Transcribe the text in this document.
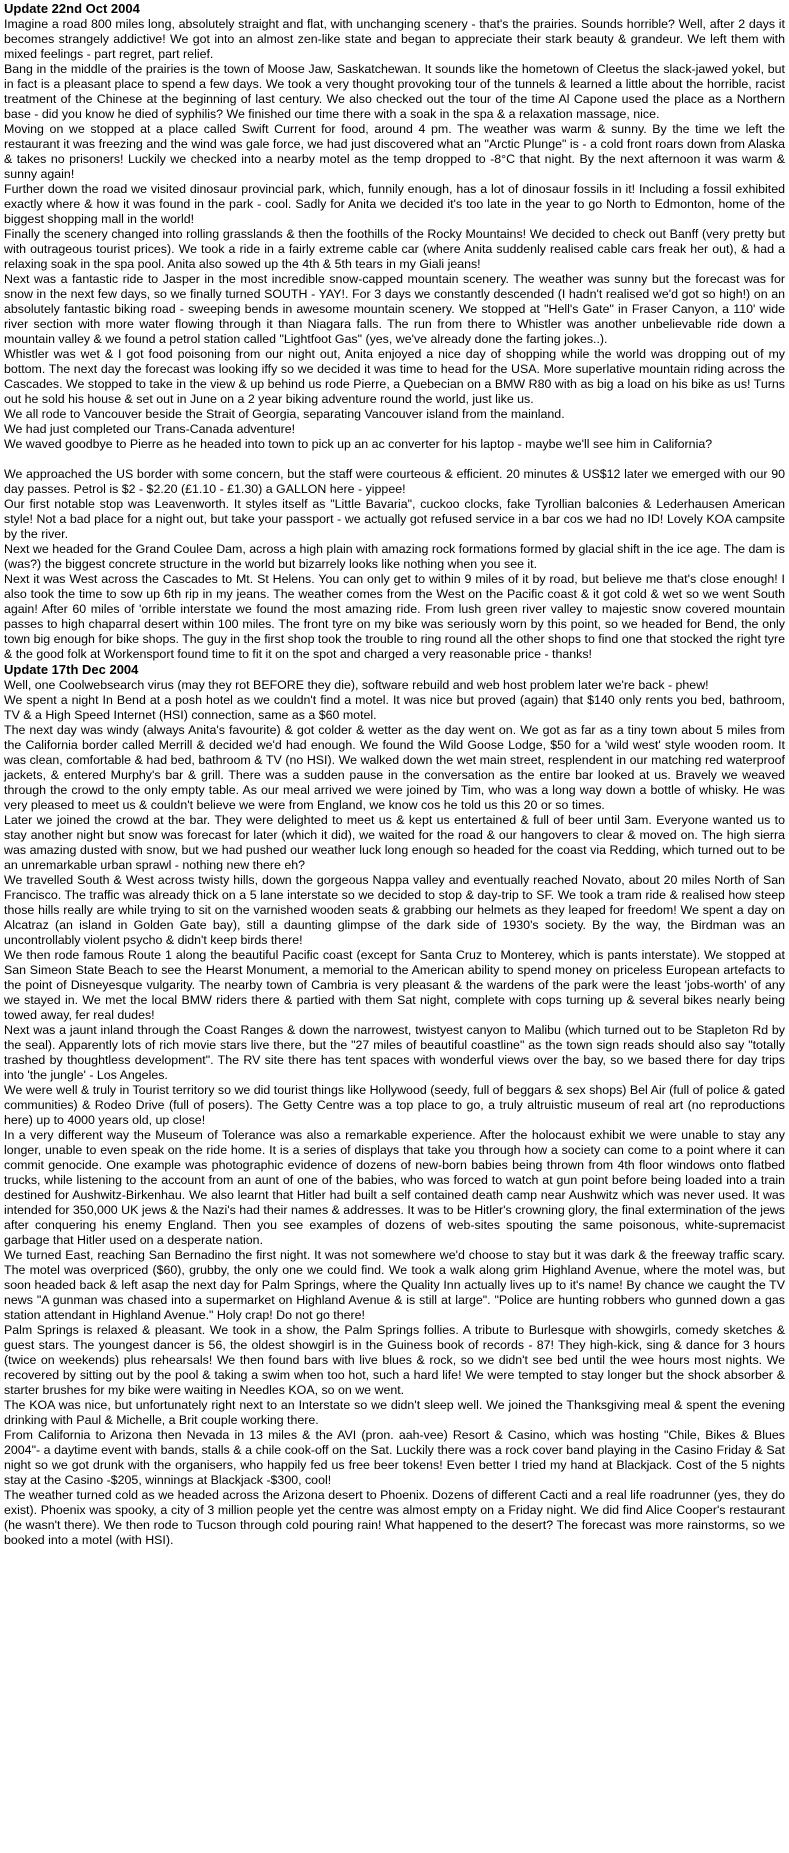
Update 22nd Oct 2004
Imagine a road 800 miles long, absolutely straight and flat, with unchanging scenery - that's the prairies. Sounds horrible? Well, after 2 days it becomes strangely addictive! We got into an almost zen-like state and began to appreciate their stark beauty & grandeur. We left them with mixed feelings - part regret, part relief.
Bang in the middle of the prairies is the town of Moose Jaw, Saskatchewan. It sounds like the hometown of Cleetus the slack-jawed yokel, but in fact is a pleasant place to spend a few days. We took a very thought provoking tour of the tunnels & learned a little about the horrible, racist treatment of the Chinese at the beginning of last century. We also checked out the tour of the time Al Capone used the place as a Northern base - did you know he died of syphilis? We finished our time there with a soak in the spa & a relaxation massage, nice.
Moving on we stopped at a place called Swift Current for food, around 4 pm. The weather was warm & sunny. By the time we left the restaurant it was freezing and the wind was gale force, we had just discovered what an "Arctic Plunge" is - a cold front roars down from Alaska & takes no prisoners! Luckily we checked into a nearby motel as the temp dropped to -8°C that night. By the next afternoon it was warm & sunny again!
Further down the road we visited dinosaur provincial park, which, funnily enough, has a lot of dinosaur fossils in it! Including a fossil exhibited exactly where & how it was found in the park - cool. Sadly for Anita we decided it's too late in the year to go North to Edmonton, home of the biggest shopping mall in the world!
Finally the scenery changed into rolling grasslands & then the foothills of the Rocky Mountains! We decided to check out Banff (very pretty but with outrageous tourist prices). We took a ride in a fairly extreme cable car (where Anita suddenly realised cable cars freak her out), & had a relaxing soak in the spa pool. Anita also sowed up the 4th & 5th tears in my Giali jeans!
Next was a fantastic ride to Jasper in the most incredible snow-capped mountain scenery. The weather was sunny but the forecast was for snow in the next few days, so we finally turned SOUTH - YAY!. For 3 days we constantly descended (I hadn't realised we'd got so high!) on an absolutely fantastic biking road - sweeping bends in awesome mountain scenery. We stopped at "Hell's Gate" in Fraser Canyon, a 110' wide river section with more water flowing through it than Niagara falls. The run from there to Whistler was another unbelievable ride down a mountain valley & we found a petrol station called "Lightfoot Gas" (yes, we've already done the farting jokes..).
Whistler was wet & I got food poisoning from our night out, Anita enjoyed a nice day of shopping while the world was dropping out of my bottom. The next day the forecast was looking iffy so we decided it was time to head for the USA. More superlative mountain riding across the Cascades. We stopped to take in the view & up behind us rode Pierre, a Quebecian on a BMW R80 with as big a load on his bike as us! Turns out he sold his house & set out in June on a 2 year biking adventure round the world, just like us.
We all rode to Vancouver beside the Strait of Georgia, separating Vancouver island from the mainland.
We had just completed our Trans-Canada adventure!
We waved goodbye to Pierre as he headed into town to pick up an ac converter for his laptop - maybe we'll see him in California?
We approached the US border with some concern, but the staff were courteous & efficient. 20 minutes & US$12 later we emerged with our 90 day passes. Petrol is $2 - $2.20 (£1.10 - £1.30) a GALLON here - yippee!
Our first notable stop was Leavenworth. It styles itself as "Little Bavaria", cuckoo clocks, fake Tyrollian balconies & Lederhausen American style! Not a bad place for a night out, but take your passport - we actually got refused service in a bar cos we had no ID! Lovely KOA campsite by the river.
Next we headed for the Grand Coulee Dam, across a high plain with amazing rock formations formed by glacial shift in the ice age. The dam is (was?) the biggest concrete structure in the world but bizarrely looks like nothing when you see it.
Next it was West across the Cascades to Mt. St Helens. You can only get to within 9 miles of it by road, but believe me that's close enough! I also took the time to sow up 6th rip in my jeans. The weather comes from the West on the Pacific coast & it got cold & wet so we went South again! After 60 miles of 'orrible interstate we found the most amazing ride. From lush green river valley to majestic snow covered mountain passes to high chaparral desert within 100 miles. The front tyre on my bike was seriously worn by this point, so we headed for Bend, the only town big enough for bike shops. The guy in the first shop took the trouble to ring round all the other shops to find one that stocked the right tyre & the good folk at Workensport found time to fit it on the spot and charged a very reasonable price - thanks!
Update 17th Dec 2004
Well, one Coolwebsearch virus (may they rot BEFORE they die), software rebuild and web host problem later we're back - phew!
We spent a night In Bend at a posh hotel as we couldn't find a motel. It was nice but proved (again) that $140 only rents you bed, bathroom, TV & a High Speed Internet (HSI) connection, same as a $60 motel.
The next day was windy (always Anita's favourite) & got colder & wetter as the day went on. We got as far as a tiny town about 5 miles from the California border called Merrill & decided we'd had enough. We found the Wild Goose Lodge, $50 for a 'wild west' style wooden room. It was clean, comfortable & had bed, bathroom & TV (no HSI). We walked down the wet main street, resplendent in our matching red waterproof jackets, & entered Murphy's bar & grill. There was a sudden pause in the conversation as the entire bar looked at us. Bravely we weaved through the crowd to the only empty table. As our meal arrived we were joined by Tim, who was a long way down a bottle of whisky. He was very pleased to meet us & couldn't believe we were from England, we know cos he told us this 20 or so times.
Later we joined the crowd at the bar. They were delighted to meet us & kept us entertained & full of beer until 3am. Everyone wanted us to stay another night but snow was forecast for later (which it did), we waited for the road & our hangovers to clear & moved on. The high sierra was amazing dusted with snow, but we had pushed our weather luck long enough so headed for the coast via Redding, which turned out to be an unremarkable urban sprawl - nothing new there eh?
We travelled South & West across twisty hills, down the gorgeous Nappa valley and eventually reached Novato, about 20 miles North of San Francisco. The traffic was already thick on a 5 lane interstate so we decided to stop & day-trip to SF. We took a tram ride & realised how steep those hills really are while trying to sit on the varnished wooden seats & grabbing our helmets as they leaped for freedom! We spent a day on Alcatraz (an island in Golden Gate bay), still a daunting glimpse of the dark side of 1930's society. By the way, the Birdman was an uncontrollably violent psycho & didn't keep birds there!
We then rode famous Route 1 along the beautiful Pacific coast (except for Santa Cruz to Monterey, which is pants interstate). We stopped at San Simeon State Beach to see the Hearst Monument, a memorial to the American ability to spend money on priceless European artefacts to the point of Disneyesque vulgarity. The nearby town of Cambria is very pleasant & the wardens of the park were the least 'jobs-worth' of any we stayed in. We met the local BMW riders there & partied with them Sat night, complete with cops turning up & several bikes nearly being towed away, fer real dudes!
Next was a jaunt inland through the Coast Ranges & down the narrowest, twistyest canyon to Malibu (which turned out to be Stapleton Rd by the seal). Apparently lots of rich movie stars live there, but the "27 miles of beautiful coastline" as the town sign reads should also say "totally trashed by thoughtless development". The RV site there has tent spaces with wonderful views over the bay, so we based there for day trips into 'the jungle' - Los Angeles.
We were well & truly in Tourist territory so we did tourist things like Hollywood (seedy, full of beggars & sex shops) Bel Air (full of police & gated communities) & Rodeo Drive (full of posers). The Getty Centre was a top place to go, a truly altruistic museum of real art (no reproductions here) up to 4000 years old, up close!
In a very different way the Museum of Tolerance was also a remarkable experience. After the holocaust exhibit we were unable to stay any longer, unable to even speak on the ride home. It is a series of displays that take you through how a society can come to a point where it can commit genocide. One example was photographic evidence of dozens of new-born babies being thrown from 4th floor windows onto flatbed trucks, while listening to the account from an aunt of one of the babies, who was forced to watch at gun point before being loaded into a train destined for Aushwitz-Birkenhau. We also learnt that Hitler had built a self contained death camp near Aushwitz which was never used. It was intended for 350,000 UK jews & the Nazi's had their names & addresses. It was to be Hitler's crowning glory, the final extermination of the jews after conquering his enemy England. Then you see examples of dozens of web-sites spouting the same poisonous, white-supremacist garbage that Hitler used on a desperate nation.
We turned East, reaching San Bernadino the first night. It was not somewhere we'd choose to stay but it was dark & the freeway traffic scary. The motel was overpriced ($60), grubby, the only one we could find. We took a walk along grim Highland Avenue, where the motel was, but soon headed back & left asap the next day for Palm Springs, where the Quality Inn actually lives up to it's name! By chance we caught the TV news "A gunman was chased into a supermarket on Highland Avenue & is still at large". "Police are hunting robbers who gunned down a gas station attendant in Highland Avenue." Holy crap! Do not go there!
Palm Springs is relaxed & pleasant. We took in a show, the Palm Springs follies. A tribute to Burlesque with showgirls, comedy sketches & guest stars. The youngest dancer is 56, the oldest showgirl is in the Guiness book of records - 87! They high-kick, sing & dance for 3 hours (twice on weekends) plus rehearsals! We then found bars with live blues & rock, so we didn't see bed until the wee hours most nights. We recovered by sitting out by the pool & taking a swim when too hot, such a hard life! We were tempted to stay longer but the shock absorber & starter brushes for my bike were waiting in Needles KOA, so on we went.
The KOA was nice, but unfortunately right next to an Interstate so we didn't sleep well. We joined the Thanksgiving meal & spent the evening drinking with Paul & Michelle, a Brit couple working there.
From California to Arizona then Nevada in 13 miles & the AVI (pron. aah-vee) Resort & Casino, which was hosting "Chile, Bikes & Blues 2004"- a daytime event with bands, stalls & a chile cook-off on the Sat. Luckily there was a rock cover band playing in the Casino Friday & Sat night so we got drunk with the organisers, who happily fed us free beer tokens! Even better I tried my hand at Blackjack. Cost of the 5 nights stay at the Casino -$205, winnings at Blackjack -$300, cool!
The weather turned cold as we headed across the Arizona desert to Phoenix. Dozens of different Cacti and a real life roadrunner (yes, they do exist). Phoenix was spooky, a city of 3 million people yet the centre was almost empty on a Friday night. We did find Alice Cooper's restaurant (he wasn't there). We then rode to Tucson through cold pouring rain! What happened to the desert? The forecast was more rainstorms, so we booked into a motel (with HSI).
